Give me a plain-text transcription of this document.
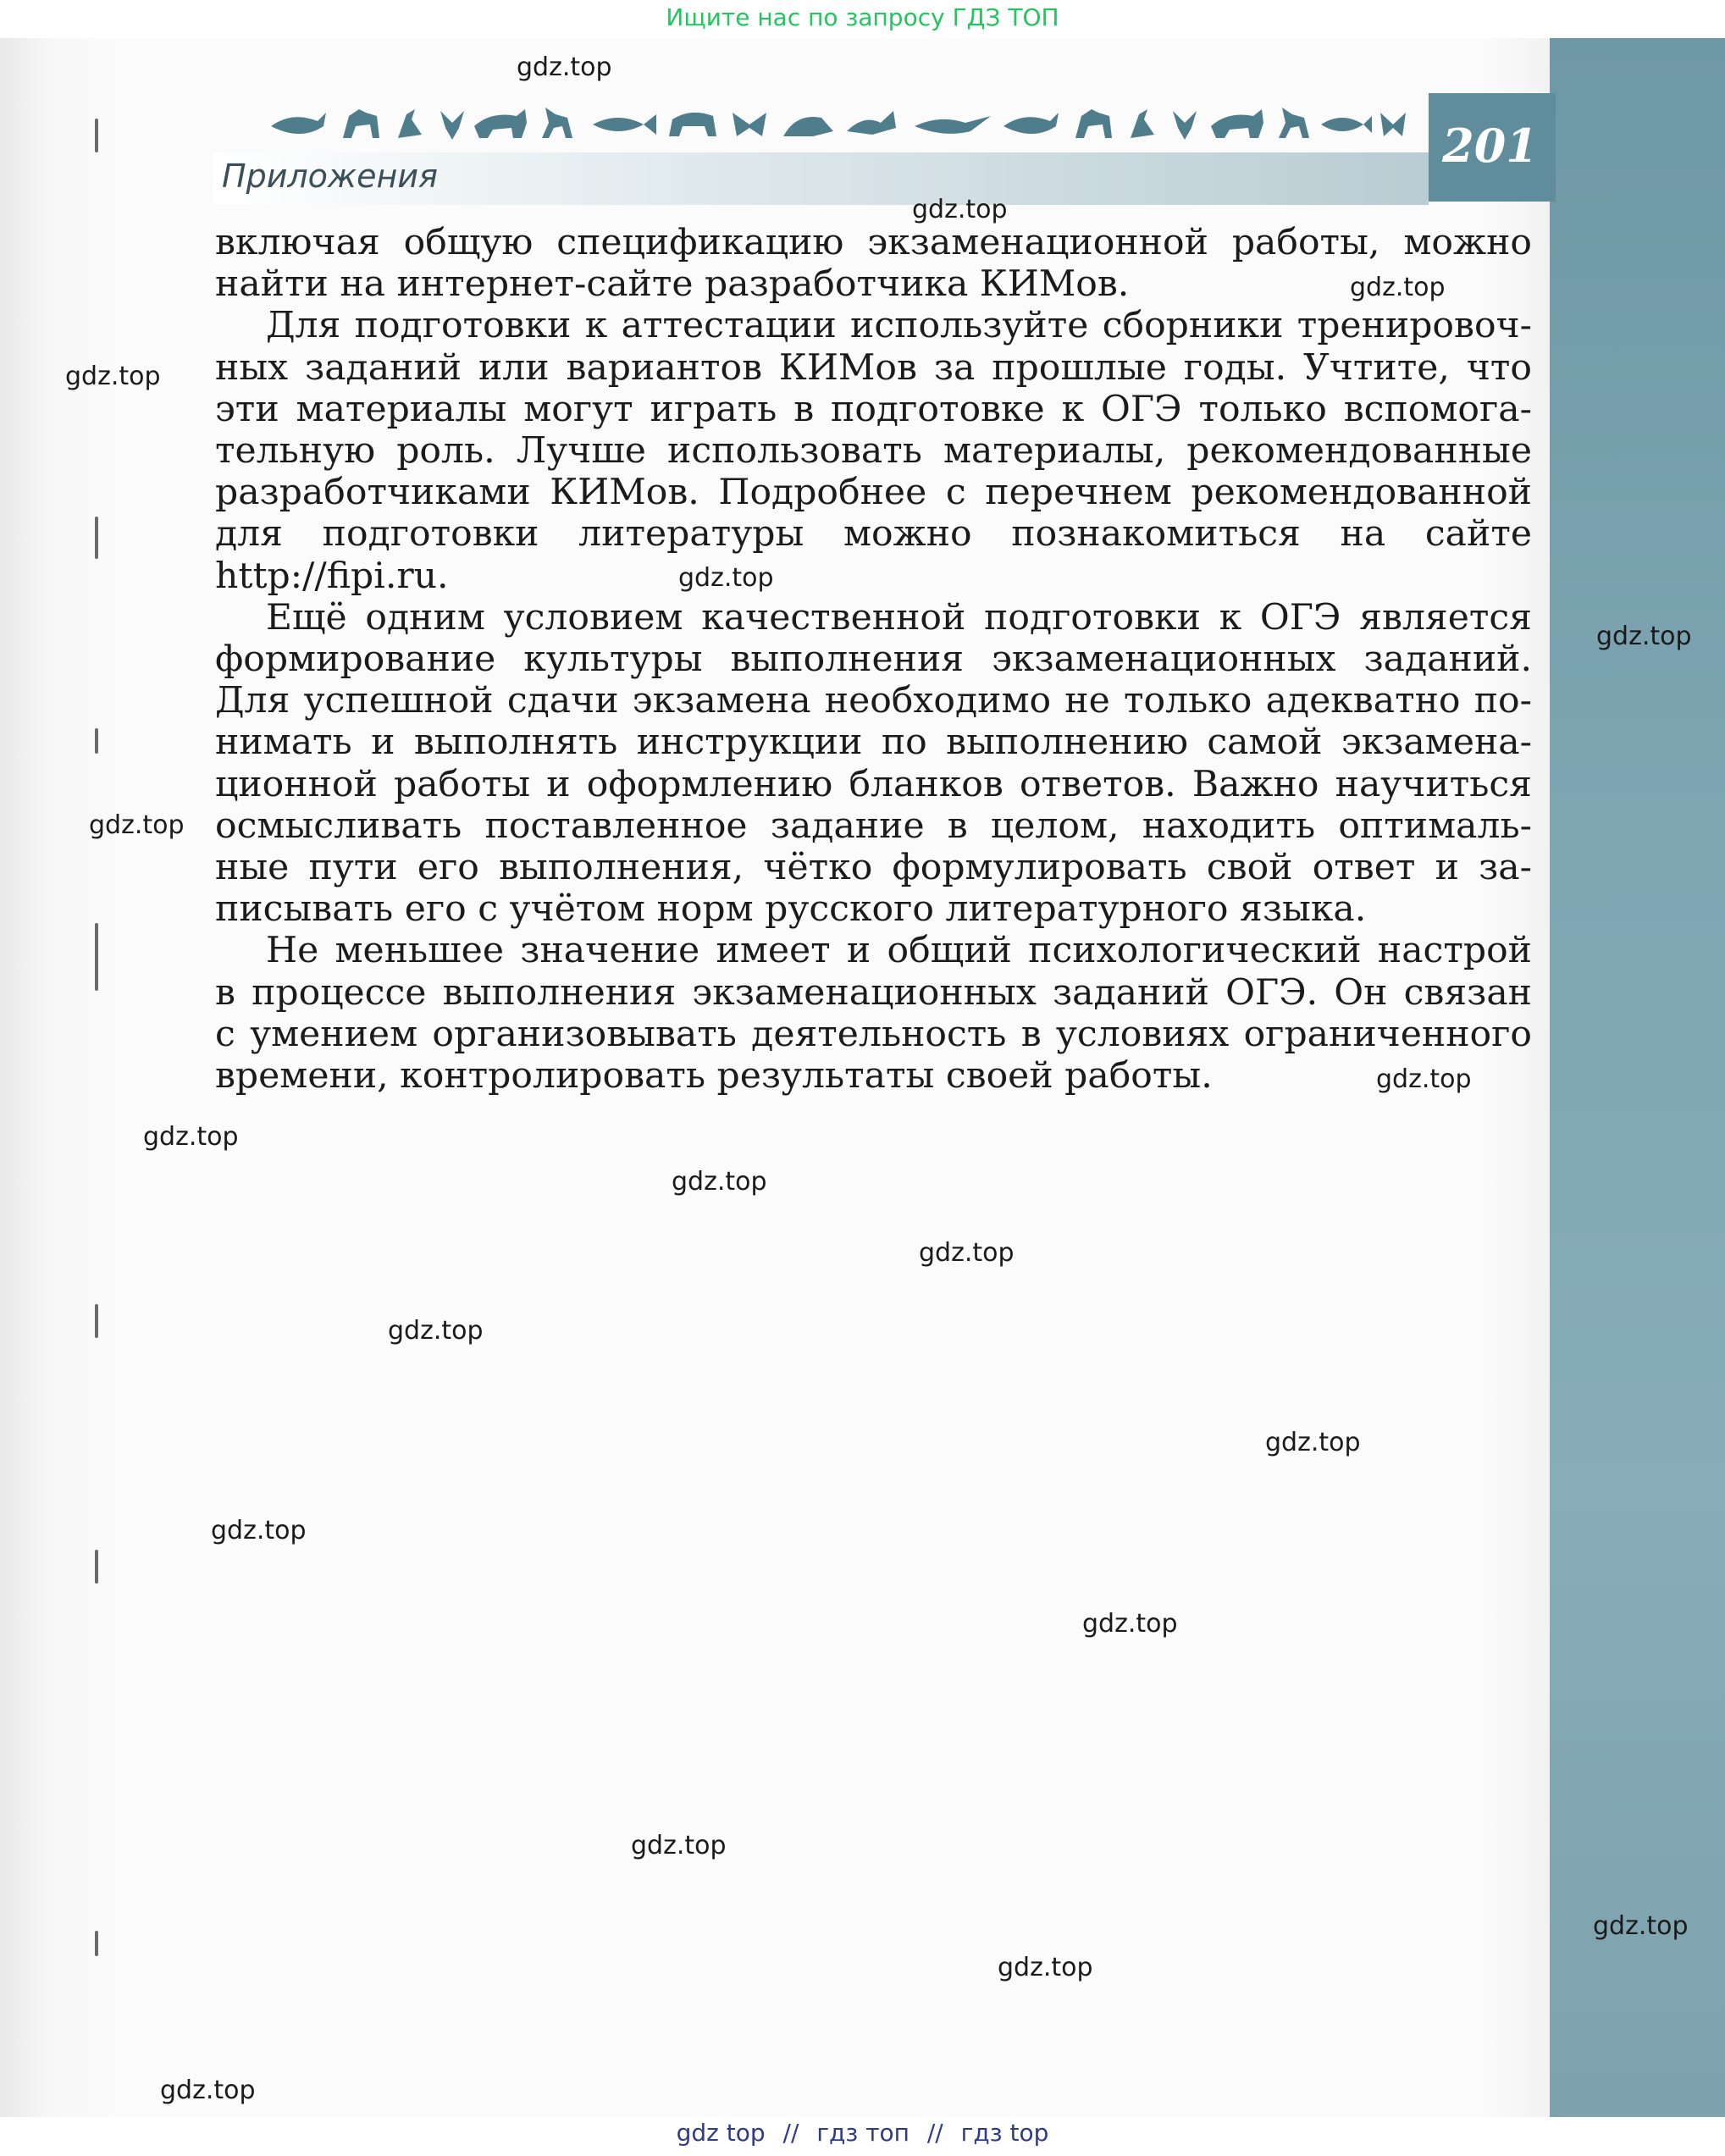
Ищите нас по запросу ГДЗ ТОП
Приложения
201
включая общую спецификацию экзаменационной работы, можно
найти на интернет-сайте разработчика КИМов.
Для подготовки к аттестации используйте сборники тренировоч-
ных заданий или вариантов КИМов за прошлые годы. Учтите, что
эти материалы могут играть в подготовке к ОГЭ только вспомога-
тельную роль. Лучше использовать материалы, рекомендованные
разработчиками КИМов. Подробнее с перечнем рекомендованной
для подготовки литературы можно познакомиться на сайте
http://fipi.ru.
Ещё одним условием качественной подготовки к ОГЭ является
формирование культуры выполнения экзаменационных заданий.
Для успешной сдачи экзамена необходимо не только адекватно по-
нимать и выполнять инструкции по выполнению самой экзамена-
ционной работы и оформлению бланков ответов. Важно научиться
осмысливать поставленное задание в целом, находить оптималь-
ные пути его выполнения, чётко формулировать свой ответ и за-
писывать его с учётом норм русского литературного языка.
Не меньшее значение имеет и общий психологический настрой
в процессе выполнения экзаменационных заданий ОГЭ. Он связан
с умением организовывать деятельность в условиях ограниченного
времени, контролировать результаты своей работы.
gdz.top
gdz.top
gdz.top
gdz.top
gdz.top
gdz.top
gdz.top
gdz.top
gdz.top
gdz.top
gdz.top
gdz.top
gdz.top
gdz.top
gdz.top
gdz.top
gdz.top
gdz.top
gdz.top
gdz top // гдз топ // гдз top
